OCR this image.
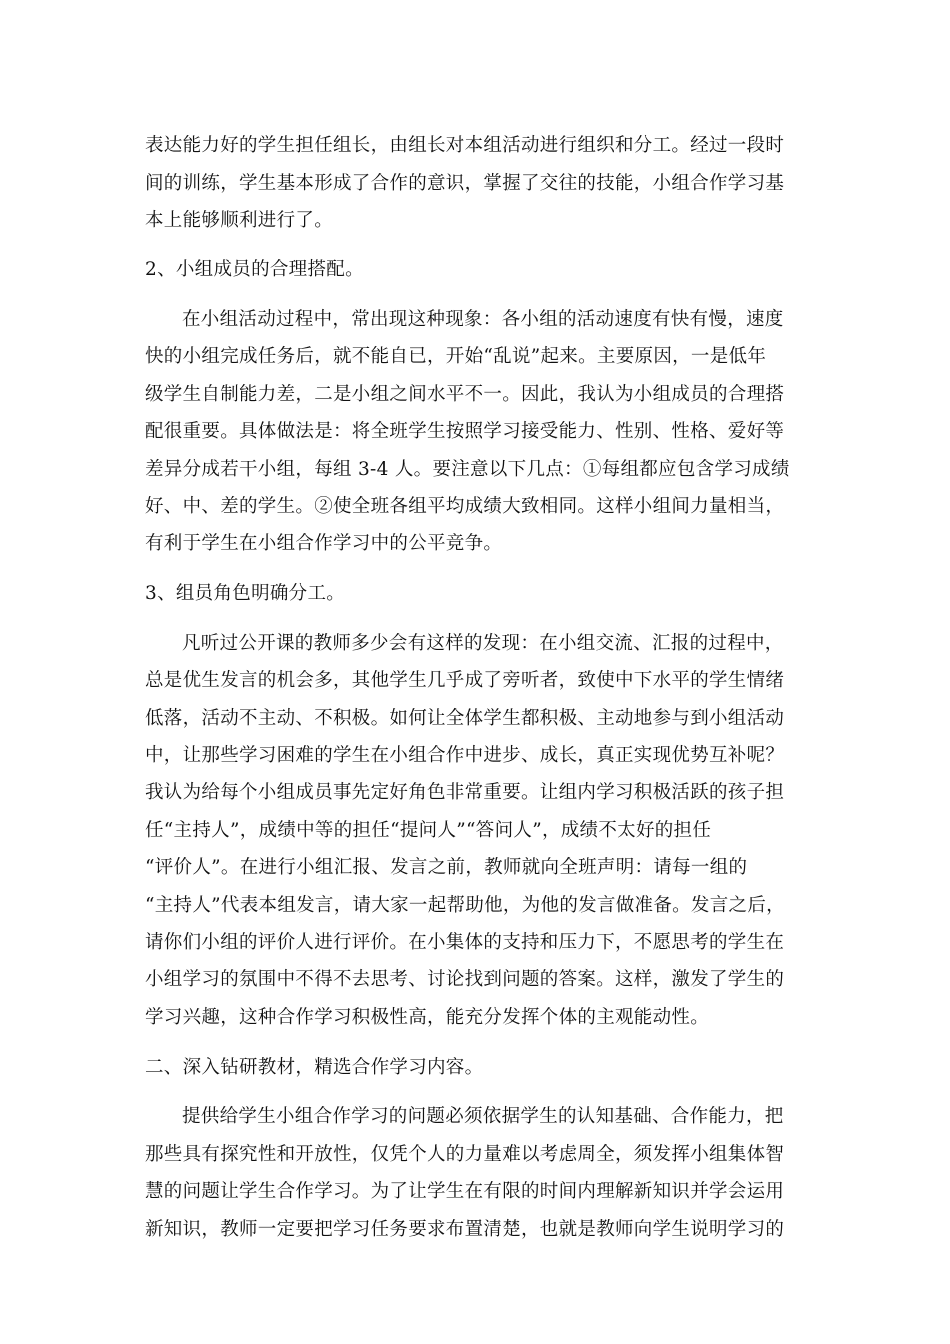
表达能力好的学生担任组长，由组长对本组活动进行组织和分工。经过一段时
间的训练，学生基本形成了合作的意识，掌握了交往的技能，小组合作学习基
本上能够顺利进行了。
2、小组成员的合理搭配。
在小组活动过程中，常出现这种现象：各小组的活动速度有快有慢，速度
快的小组完成任务后，就不能自已，开始“乱说”起来。主要原因，一是低年
级学生自制能力差，二是小组之间水平不一。因此，我认为小组成员的合理搭
配很重要。具体做法是：将全班学生按照学习接受能力、性别、性格、爱好等
差异分成若干小组，每组 3-4 人。要注意以下几点：①每组都应包含学习成绩
好、中、差的学生。②使全班各组平均成绩大致相同。这样小组间力量相当，
有利于学生在小组合作学习中的公平竞争。
3、组员角色明确分工。
凡听过公开课的教师多少会有这样的发现：在小组交流、汇报的过程中，
总是优生发言的机会多，其他学生几乎成了旁听者，致使中下水平的学生情绪
低落，活动不主动、不积极。如何让全体学生都积极、主动地参与到小组活动
中，让那些学习困难的学生在小组合作中进步、成长，真正实现优势互补呢？
我认为给每个小组成员事先定好角色非常重要。让组内学习积极活跃的孩子担
任“主持人”，成绩中等的担任“提问人”“答问人”，成绩不太好的担任
“评价人”。在进行小组汇报、发言之前，教师就向全班声明：请每一组的
“主持人”代表本组发言，请大家一起帮助他，为他的发言做准备。发言之后，
请你们小组的评价人进行评价。在小集体的支持和压力下，不愿思考的学生在
小组学习的氛围中不得不去思考、讨论找到问题的答案。这样，激发了学生的
学习兴趣，这种合作学习积极性高，能充分发挥个体的主观能动性。
二、深入钻研教材，精选合作学习内容。
提供给学生小组合作学习的问题必须依据学生的认知基础、合作能力，把
那些具有探究性和开放性，仅凭个人的力量难以考虑周全，须发挥小组集体智
慧的问题让学生合作学习。为了让学生在有限的时间内理解新知识并学会运用
新知识，教师一定要把学习任务要求布置清楚，也就是教师向学生说明学习的
